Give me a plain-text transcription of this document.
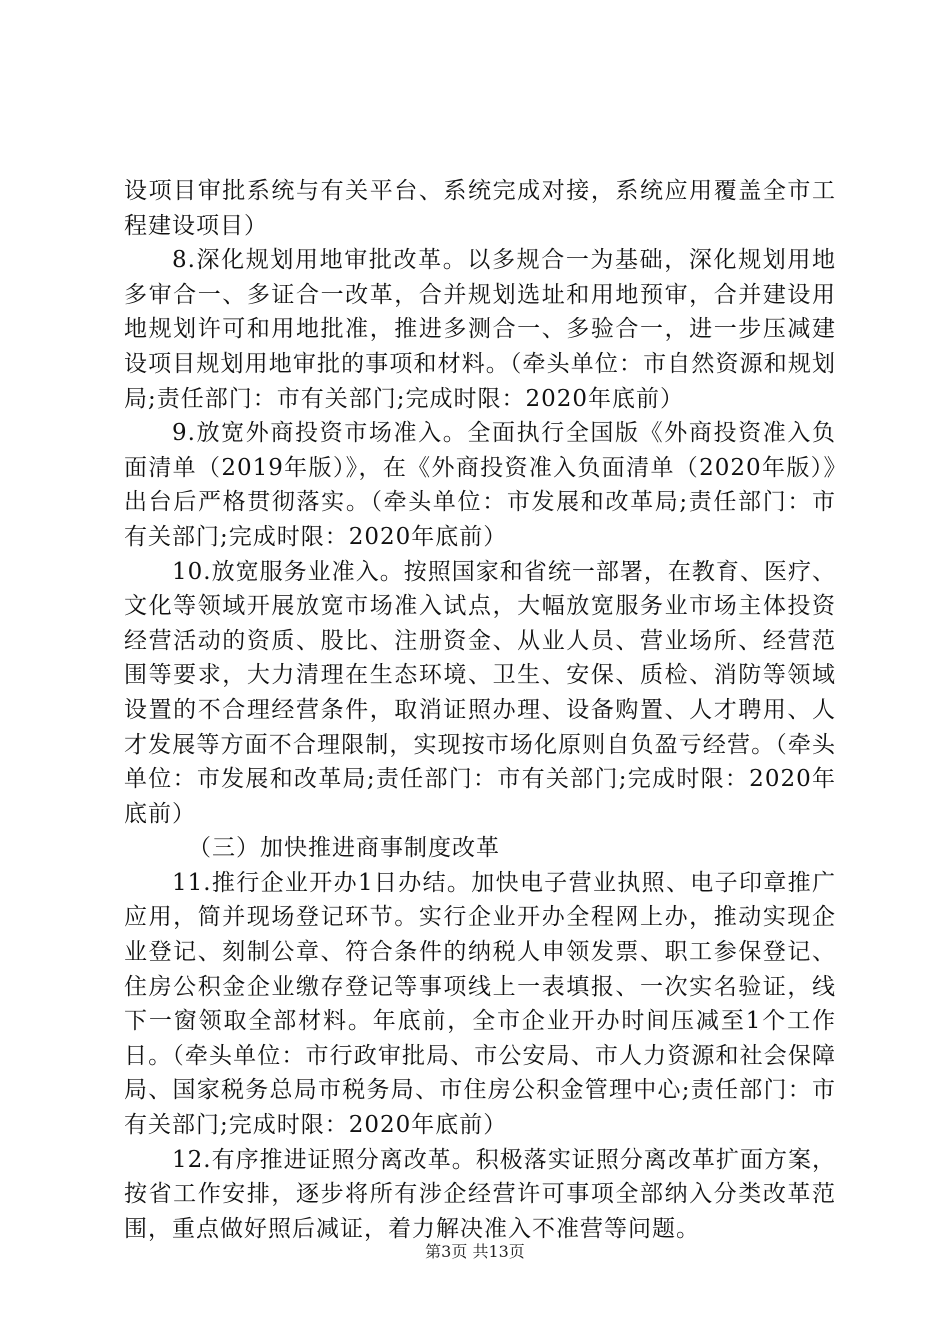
设项目审批系统与有关平台、系统完成对接，系统应用覆盖全市工程建设项目）

8.深化规划用地审批改革。以多规合一为基础，深化规划用地多审合一、多证合一改革，合并规划选址和用地预审，合并建设用地规划许可和用地批准，推进多测合一、多验合一，进一步压减建设项目规划用地审批的事项和材料。（牵头单位：市自然资源和规划局;责任部门：市有关部门;完成时限：2020年底前）

9.放宽外商投资市场准入。全面执行全国版《外商投资准入负面清单（2019年版）》，在《外商投资准入负面清单（2020年版）》出台后严格贯彻落实。（牵头单位：市发展和改革局;责任部门：市有关部门;完成时限：2020年底前）

10.放宽服务业准入。按照国家和省统一部署，在教育、医疗、文化等领域开展放宽市场准入试点，大幅放宽服务业市场主体投资经营活动的资质、股比、注册资金、从业人员、营业场所、经营范围等要求，大力清理在生态环境、卫生、安保、质检、消防等领域设置的不合理经营条件，取消证照办理、设备购置、人才聘用、人才发展等方面不合理限制，实现按市场化原则自负盈亏经营。（牵头单位：市发展和改革局;责任部门：市有关部门;完成时限：2020年底前）

（三）加快推进商事制度改革

11.推行企业开办1日办结。加快电子营业执照、电子印章推广应用，简并现场登记环节。实行企业开办全程网上办，推动实现企业登记、刻制公章、符合条件的纳税人申领发票、职工参保登记、住房公积金企业缴存登记等事项线上一表填报、一次实名验证，线下一窗领取全部材料。年底前，全市企业开办时间压减至1个工作日。（牵头单位：市行政审批局、市公安局、市人力资源和社会保障局、国家税务总局市税务局、市住房公积金管理中心;责任部门：市有关部门;完成时限：2020年底前）

12.有序推进证照分离改革。积极落实证照分离改革扩面方案，按省工作安排，逐步将所有涉企经营许可事项全部纳入分类改革范围，重点做好照后减证，着力解决准入不准营等问题。

第3页 共13页
